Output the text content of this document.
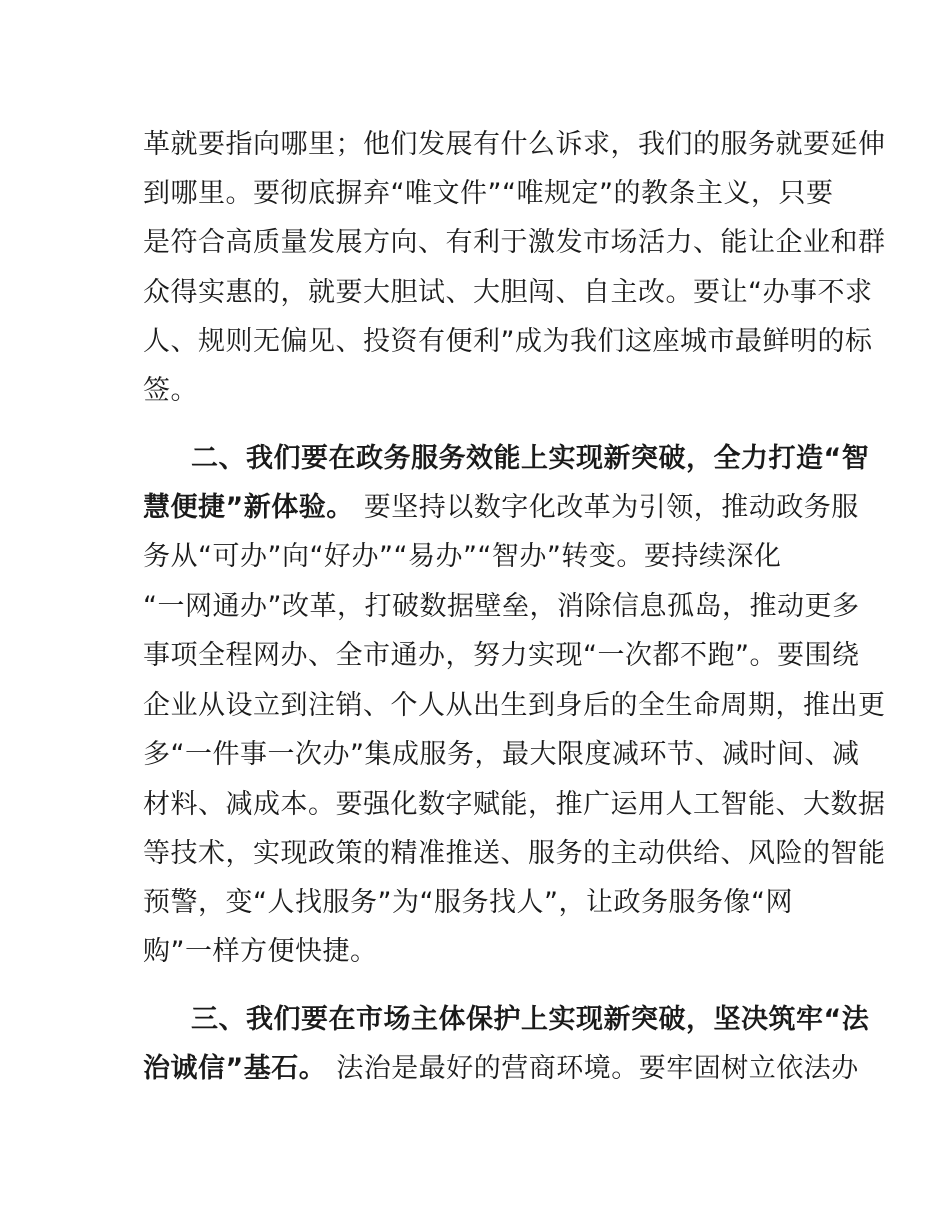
革就要指向哪里；他们发展有什么诉求，我们的服务就要延伸
到哪里。要彻底摒弃“唯文件”“唯规定”的教条主义，只要
是符合高质量发展方向、有利于激发市场活力、能让企业和群
众得实惠的，就要大胆试、大胆闯、自主改。要让“办事不求
人、规则无偏见、投资有便利”成为我们这座城市最鲜明的标
签。
二、我们要在政务服务效能上实现新突破，全力打造“智
慧便捷”新体验。 要坚持以数字化改革为引领，推动政务服
务从“可办”向“好办”“易办”“智办”转变。要持续深化
“一网通办”改革，打破数据壁垒，消除信息孤岛，推动更多
事项全程网办、全市通办，努力实现“一次都不跑”。要围绕
企业从设立到注销、个人从出生到身后的全生命周期，推出更
多“一件事一次办”集成服务，最大限度减环节、减时间、减
材料、减成本。要强化数字赋能，推广运用人工智能、大数据
等技术，实现政策的精准推送、服务的主动供给、风险的智能
预警，变“人找服务”为“服务找人”，让政务服务像“网
购”一样方便快捷。
三、我们要在市场主体保护上实现新突破，坚决筑牢“法
治诚信”基石。 法治是最好的营商环境。要牢固树立依法办
